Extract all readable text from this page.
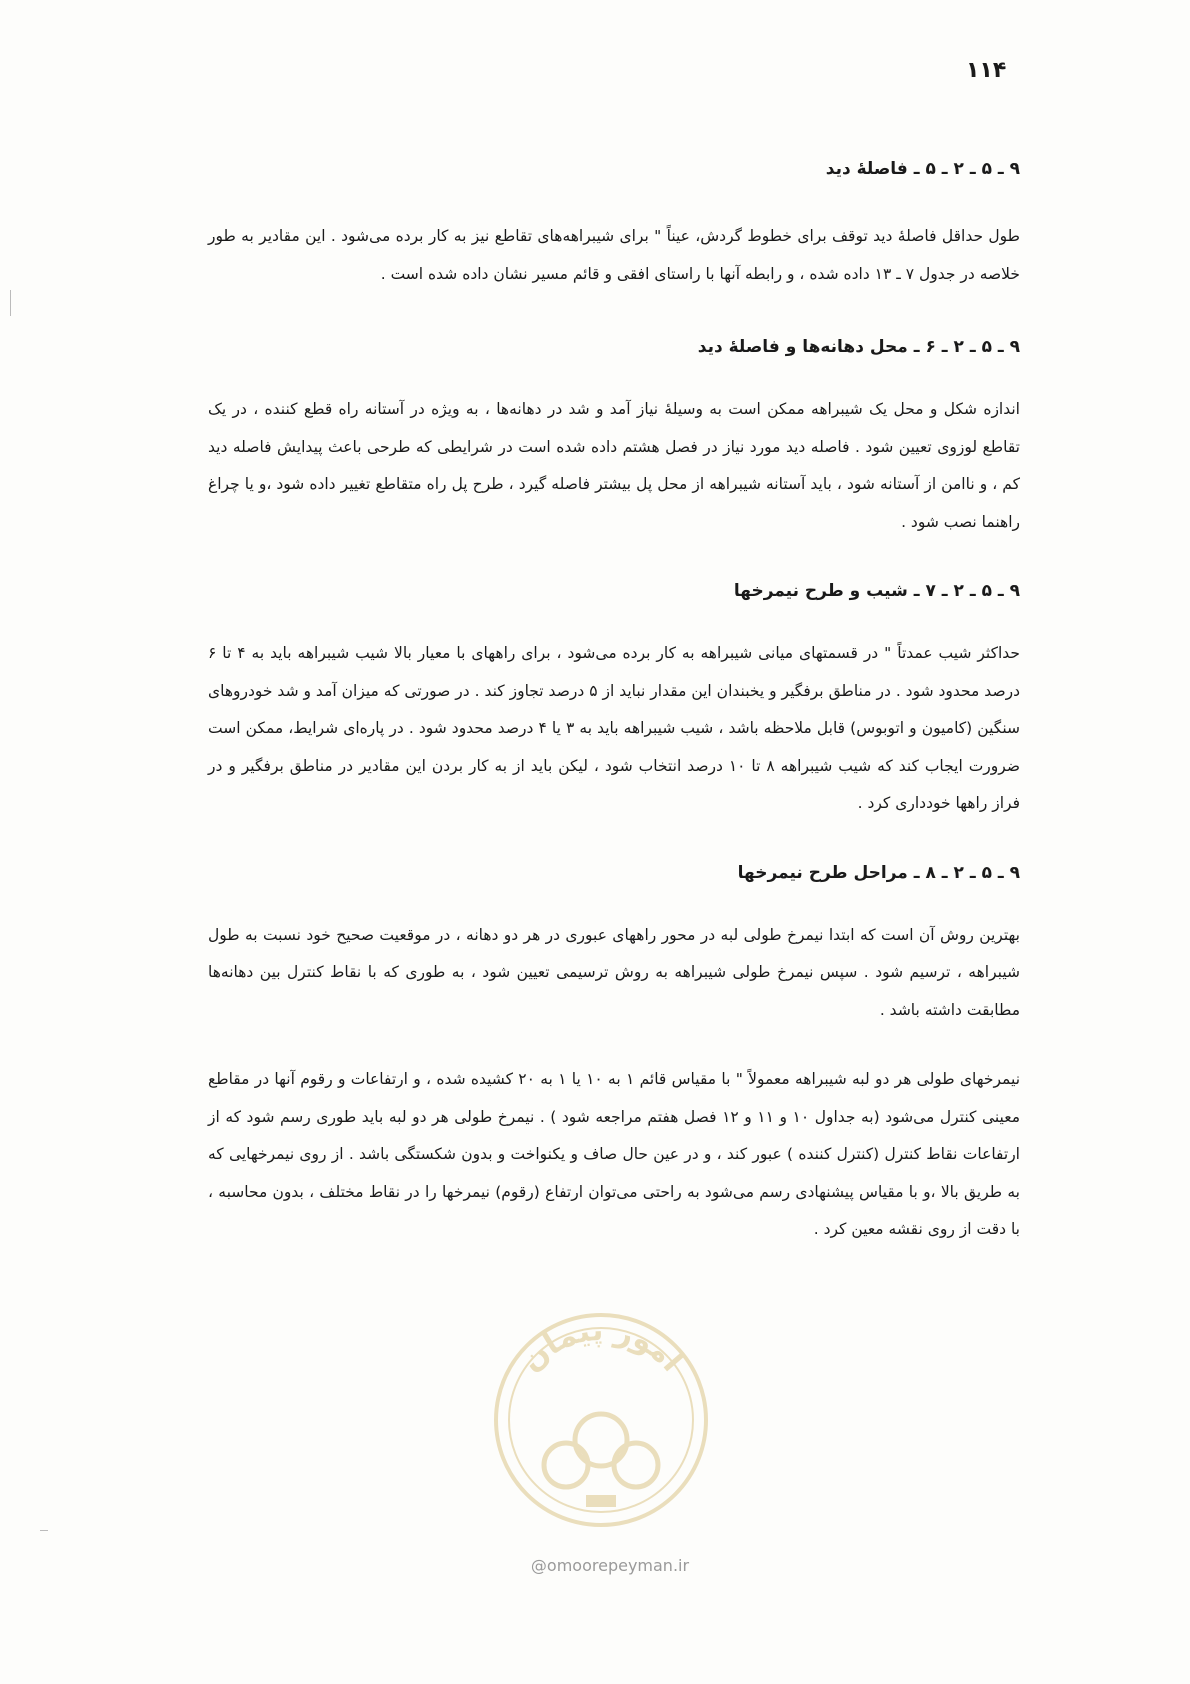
۱۱۴
۹ ـ ۵ ـ ۲ ـ ۵ ـ فاصلهٔ دید

طول حداقل فاصلهٔ دید توقف برای خطوط گردش، عیناً " برای شیبراهه‌های تقاطع نیز به کار برده می‌شود . این مقادیر به طور خلاصه در جدول ۷ ـ ۱۳ داده شده ، و رابطه آنها با راستای افقی و قائم مسیر نشان داده شده است .

۹ ـ ۵ ـ ۲ ـ ۶ ـ محل دهانه‌ها و فاصلهٔ دید

اندازه شکل و محل یک شیبراهه ممکن است به وسیلهٔ نیاز آمد و شد در دهانه‌ها ، به ویژه در آستانه راه قطع کننده ، در یک تقاطع لوزوی تعیین شود . فاصله دید مورد نیاز در فصل هشتم داده شده است در شرایطی که طرحی باعث پیدایش فاصله دید کم ، و ناامن از آستانه شود ، باید آستانه شیبراهه از محل پل بیشتر فاصله گیرد ، طرح پل راه متقاطع تغییر داده شود ،و یا چراغ راهنما نصب شود .

۹ ـ ۵ ـ ۲ ـ ۷ ـ شیب و طرح نیمرخها

حداکثر شیب عمدتاً " در قسمتهای میانی شیبراهه به کار برده می‌شود ، برای راههای با معیار بالا شیب شیبراهه باید به ۴ تا ۶ درصد محدود شود . در مناطق برفگیر و یخبندان این مقدار نباید از ۵ درصد تجاوز کند . در صورتی که میزان آمد و شد خودروهای سنگین (کامیون و اتوبوس) قابل ملاحظه باشد ، شیب شیبراهه باید به ۳ یا ۴ درصد محدود شود . در پاره‌ای شرایط، ممکن است ضرورت ایجاب کند که شیب شیبراهه ۸ تا ۱۰ درصد انتخاب شود ، لیکن باید از به کار بردن این مقادیر در مناطق برفگیر و در فراز راهها خودداری کرد .

۹ ـ ۵ ـ ۲ ـ ۸ ـ مراحل طرح نیمرخها

بهترین روش آن است که ابتدا نیمرخ طولی لبه در محور راههای عبوری در هر دو دهانه ، در موقعیت صحیح خود نسبت به طول شیبراهه ، ترسیم شود . سپس نیمرخ طولی شیبراهه به روش ترسیمی تعیین شود ، به طوری که با نقاط کنترل بین دهانه‌ها مطابقت داشته باشد .

نیمرخهای طولی هر دو لبه شیبراهه معمولاً " با مقیاس قائم ۱ به ۱۰ یا ۱ به ۲۰ کشیده شده ، و ارتفاعات و رقوم آنها در مقاطع معینی کنترل می‌شود (به جداول ۱۰ و ۱۱ و ۱۲ فصل هفتم مراجعه شود ) . نیمرخ طولی هر دو لبه باید طوری رسم شود که از ارتفاعات نقاط کنترل (کنترل کننده ) عبور کند ، و در عین حال صاف و یکنواخت و بدون شکستگی باشد . از روی نیمرخهایی که به طریق بالا ،و با مقیاس پیشنهادی رسم می‌شود به راحتی می‌توان ارتفاع (رقوم) نیمرخها را در نقاط مختلف ، بدون محاسبه ، با دقت از روی نقشه معین کرد .

امور پیمان
@omoorepeyman.ir
